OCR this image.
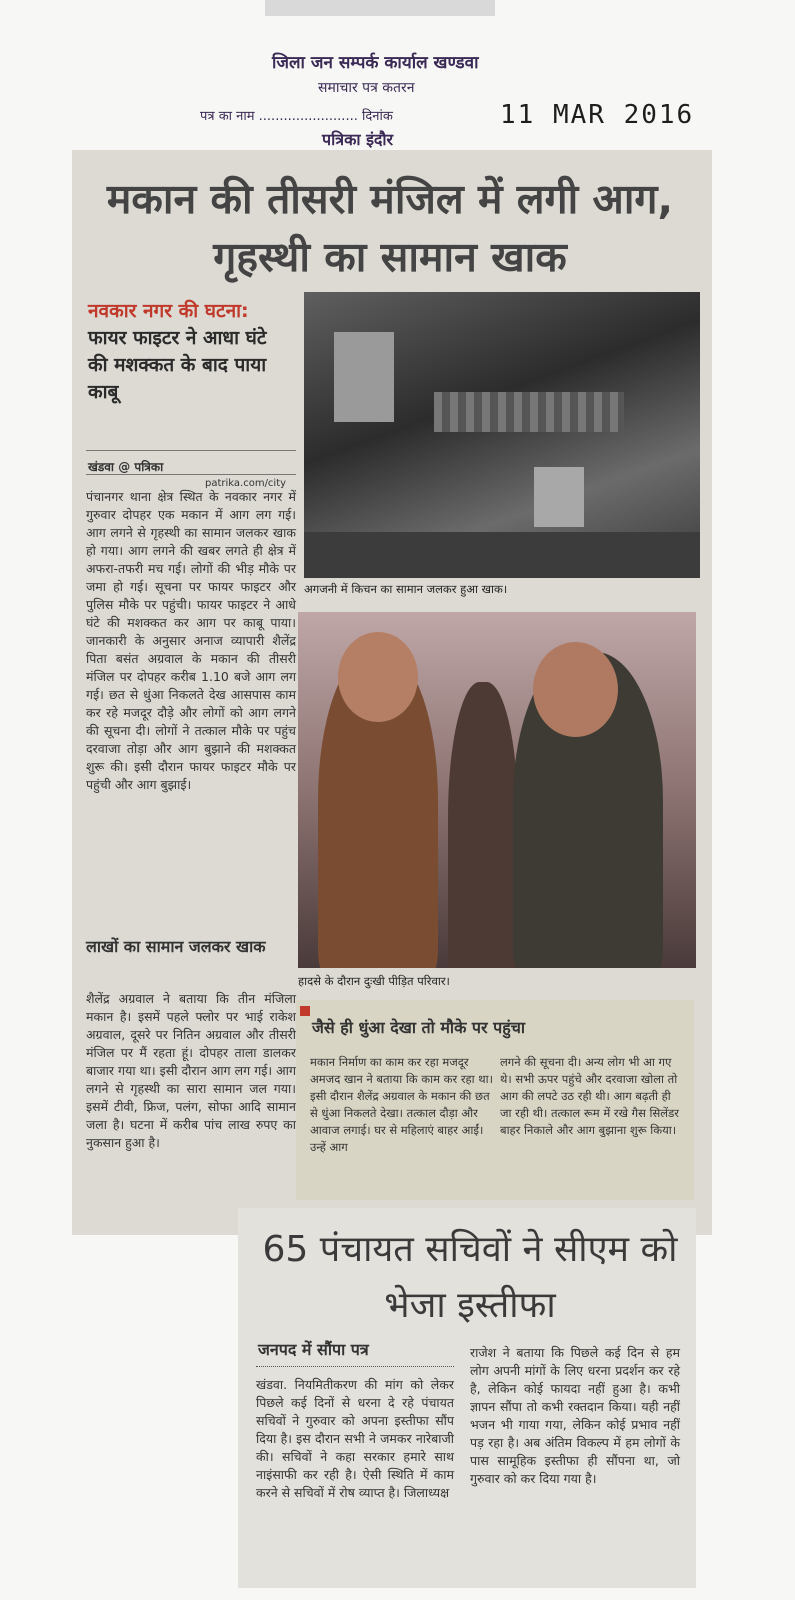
जिला जन सम्पर्क कार्याल खण्डवा
समाचार पत्र कतरन
पत्र का नाम ........................ दिनांक	11 MAR 2016
पत्रिका इंदौर
मकान की तीसरी मंजिल में लगी आग, गृहस्थी का सामान खाक
नवकार नगर की घटना: फायर फाइटर ने आधा घंटे की मशक्कत के बाद पाया काबू
खंडवा @ पत्रिका
patrika.com/city
पंचानगर थाना क्षेत्र स्थित के नवकार नगर में गुरुवार दोपहर एक मकान में आग लग गई। आग लगने से गृहस्थी का सामान जलकर खाक हो गया। आग लगने की खबर लगते ही क्षेत्र में अफरा-तफरी मच गई। लोगों की भीड़ मौके पर जमा हो गई। सूचना पर फायर फाइटर और पुलिस मौके पर पहुंची। फायर फाइटर ने आधे घंटे की मशक्कत कर आग पर काबू पाया। जानकारी के अनुसार अनाज व्यापारी शैलेंद्र पिता बसंत अग्रवाल के मकान की तीसरी मंजिल पर दोपहर करीब 1.10 बजे आग लग गई। छत से धुंआ निकलते देख आसपास काम कर रहे मजदूर दौड़े और लोगों को आग लगने की सूचना दी। लोगों ने तत्काल मौके पर पहुंच दरवाजा तोड़ा और आग बुझाने की मशक्कत शुरू की। इसी दौरान फायर फाइटर मौके पर पहुंची और आग बुझाई।
लाखों का सामान जलकर खाक
शैलेंद्र अग्रवाल ने बताया कि तीन मंजिला मकान है। इसमें पहले फ्लोर पर भाई राकेश अग्रवाल, दूसरे पर नितिन अग्रवाल और तीसरी मंजिल पर मैं रहता हूं। दोपहर ताला डालकर बाजार गया था। इसी दौरान आग लग गई। आग लगने से गृहस्थी का सारा सामान जल गया। इसमें टीवी, फ्रिज, पलंग, सोफा आदि सामान जला है। घटना में करीब पांच लाख रुपए का नुकसान हुआ है।
अगजनी में किचन का सामान जलकर हुआ खाक।
हादसे के दौरान दुःखी पीड़ित परिवार।
जैसे ही धुंआ देखा तो मौके पर पहुंचा
मकान निर्माण का काम कर रहा मजदूर अमजद खान ने बताया कि काम कर रहा था। इसी दौरान शैलेंद्र अग्रवाल के मकान की छत से धुंआ निकलते देखा। तत्काल दौड़ा और आवाज लगाई। घर से महिलाएं बाहर आईं। उन्हें आग
लगने की सूचना दी। अन्य लोग भी आ गए थे। सभी ऊपर पहुंचे और दरवाजा खोला तो आग की लपटे उठ रही थी। आग बढ़ती ही जा रही थी। तत्काल रूम में रखे गैस सिलेंडर बाहर निकाले और आग बुझाना शुरू किया।
65 पंचायत सचिवों ने सीएम को भेजा इस्तीफा
जनपद में सौंपा पत्र
खंडवा. नियमितीकरण की मांग को लेकर पिछले कई दिनों से धरना दे रहे पंचायत सचिवों ने गुरुवार को अपना इस्तीफा सौंप दिया है। इस दौरान सभी ने जमकर नारेबाजी की। सचिवों ने कहा सरकार हमारे साथ नाइंसाफी कर रही है। ऐसी स्थिति में काम करने से सचिवों में रोष व्याप्त है। जिलाध्यक्ष
राजेश ने बताया कि पिछले कई दिन से हम लोग अपनी मांगों के लिए धरना प्रदर्शन कर रहे है, लेकिन कोई फायदा नहीं हुआ है। कभी ज्ञापन सौंपा तो कभी रक्तदान किया। यही नहीं भजन भी गाया गया, लेकिन कोई प्रभाव नहीं पड़ रहा है। अब अंतिम विकल्प में हम लोगों के पास सामूहिक इस्तीफा ही सौंपना था, जो गुरुवार को कर दिया गया है।
